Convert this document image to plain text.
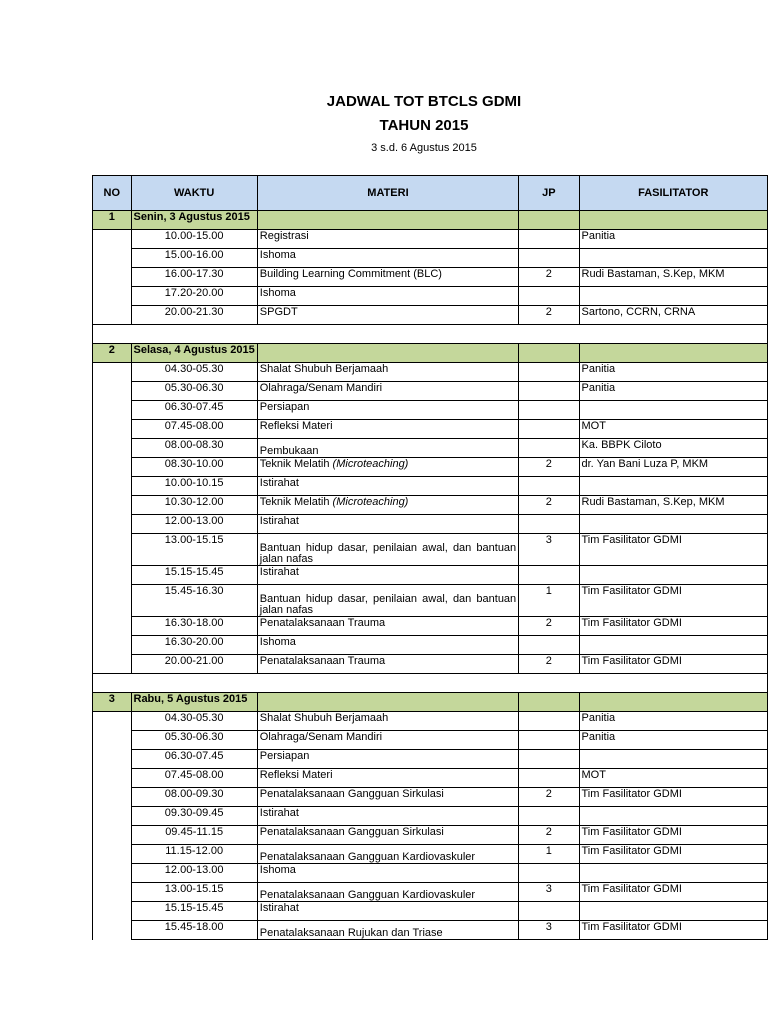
JADWAL TOT BTCLS GDMI
TAHUN 2015
3 s.d. 6 Agustus 2015
NO	WAKTU	MATERI	JP	FASILITATOR
1	Senin, 3 Agustus 2015			
	10.00-15.00	Registrasi		Panitia
	15.00-16.00	Ishoma		
	16.00-17.30	Building Learning Commitment (BLC)	2	Rudi Bastaman, S.Kep, MKM
	17.20-20.00	Ishoma		
	20.00-21.30	SPGDT	2	Sartono, CCRN, CRNA

2	Selasa, 4 Agustus 2015			
	04.30-05.30	Shalat Shubuh Berjamaah		Panitia
	05.30-06.30	Olahraga/Senam Mandiri		Panitia
	06.30-07.45	Persiapan		
	07.45-08.00	Refleksi Materi		MOT
	08.00-08.30	Pembukaan		Ka. BBPK Ciloto
	08.30-10.00	Teknik Melatih (Microteaching)	2	dr. Yan Bani Luza P, MKM
	10.00-10.15	Istirahat		
	10.30-12.00	Teknik Melatih (Microteaching)	2	Rudi Bastaman, S.Kep, MKM
	12.00-13.00	Istirahat		
	13.00-15.15	Bantuan hidup dasar, penilaian awal, dan bantuan jalan nafas	3	Tim Fasilitator GDMI
	15.15-15.45	Istirahat		
	15.45-16.30	Bantuan hidup dasar, penilaian awal, dan bantuan jalan nafas	1	Tim Fasilitator GDMI
	16.30-18.00	Penatalaksanaan Trauma	2	Tim Fasilitator GDMI
	16.30-20.00	Ishoma		
	20.00-21.00	Penatalaksanaan Trauma	2	Tim Fasilitator GDMI

3	Rabu, 5 Agustus 2015			
	04.30-05.30	Shalat Shubuh Berjamaah		Panitia
	05.30-06.30	Olahraga/Senam Mandiri		Panitia
	06.30-07.45	Persiapan		
	07.45-08.00	Refleksi Materi		MOT
	08.00-09.30	Penatalaksanaan Gangguan Sirkulasi	2	Tim Fasilitator GDMI
	09.30-09.45	Istirahat		
	09.45-11.15	Penatalaksanaan Gangguan Sirkulasi	2	Tim Fasilitator GDMI
	11.15-12.00	Penatalaksanaan Gangguan Kardiovaskuler	1	Tim Fasilitator GDMI
	12.00-13.00	Ishoma		
	13.00-15.15	Penatalaksanaan Gangguan Kardiovaskuler	3	Tim Fasilitator GDMI
	15.15-15.45	Istirahat		
	15.45-18.00	Penatalaksanaan Rujukan dan Triase	3	Tim Fasilitator GDMI
